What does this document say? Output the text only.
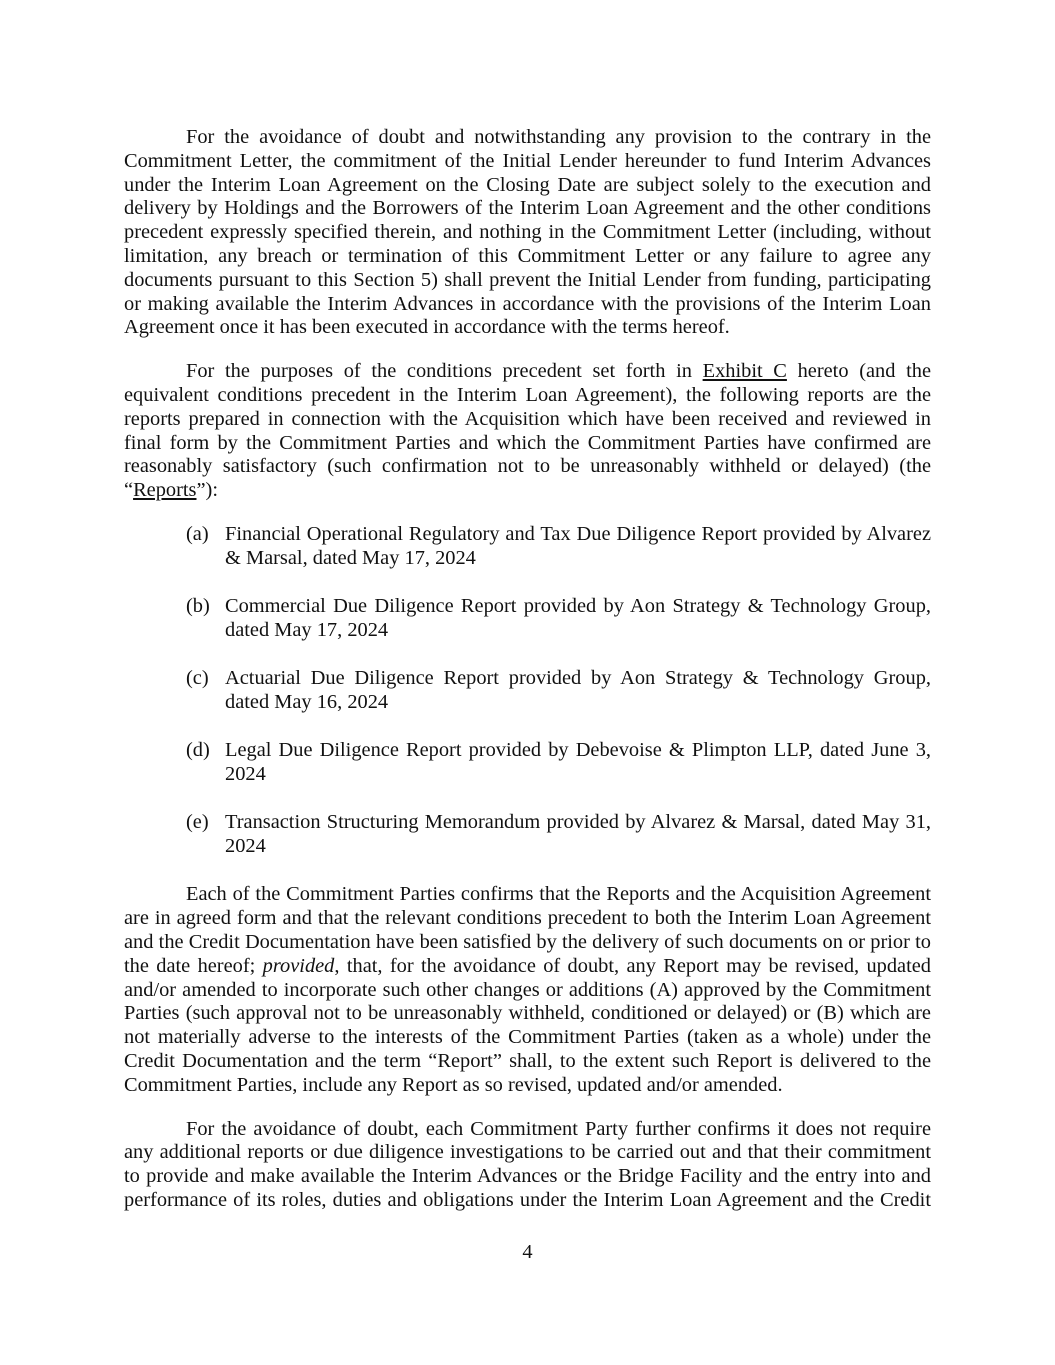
For the avoidance of doubt and notwithstanding any provision to the contrary in the Commitment Letter, the commitment of the Initial Lender hereunder to fund Interim Advances under the Interim Loan Agreement on the Closing Date are subject solely to the execution and delivery by Holdings and the Borrowers of the Interim Loan Agreement and the other conditions precedent expressly specified therein, and nothing in the Commitment Letter (including, without limitation, any breach or termination of this Commitment Letter or any failure to agree any documents pursuant to this Section 5) shall prevent the Initial Lender from funding, participating or making available the Interim Advances in accordance with the provisions of the Interim Loan Agreement once it has been executed in accordance with the terms hereof.

For the purposes of the conditions precedent set forth in Exhibit C hereto (and the equivalent conditions precedent in the Interim Loan Agreement), the following reports are the reports prepared in connection with the Acquisition which have been received and reviewed in final form by the Commitment Parties and which the Commitment Parties have confirmed are reasonably satisfactory (such confirmation not to be unreasonably withheld or delayed) (the “Reports”):

(a) Financial Operational Regulatory and Tax Due Diligence Report provided by Alvarez & Marsal, dated May 17, 2024
(b) Commercial Due Diligence Report provided by Aon Strategy & Technology Group, dated May 17, 2024
(c) Actuarial Due Diligence Report provided by Aon Strategy & Technology Group, dated May 16, 2024
(d) Legal Due Diligence Report provided by Debevoise & Plimpton LLP, dated June 3, 2024
(e) Transaction Structuring Memorandum provided by Alvarez & Marsal, dated May 31, 2024

Each of the Commitment Parties confirms that the Reports and the Acquisition Agreement are in agreed form and that the relevant conditions precedent to both the Interim Loan Agreement and the Credit Documentation have been satisfied by the delivery of such documents on or prior to the date hereof; provided, that, for the avoidance of doubt, any Report may be revised, updated and/or amended to incorporate such other changes or additions (A) approved by the Commitment Parties (such approval not to be unreasonably withheld, conditioned or delayed) or (B) which are not materially adverse to the interests of the Commitment Parties (taken as a whole) under the Credit Documentation and the term “Report” shall, to the extent such Report is delivered to the Commitment Parties, include any Report as so revised, updated and/or amended.

For the avoidance of doubt, each Commitment Party further confirms it does not require any additional reports or due diligence investigations to be carried out and that their commitment to provide and make available the Interim Advances or the Bridge Facility and the entry into and performance of its roles, duties and obligations under the Interim Loan Agreement and the Credit

4
